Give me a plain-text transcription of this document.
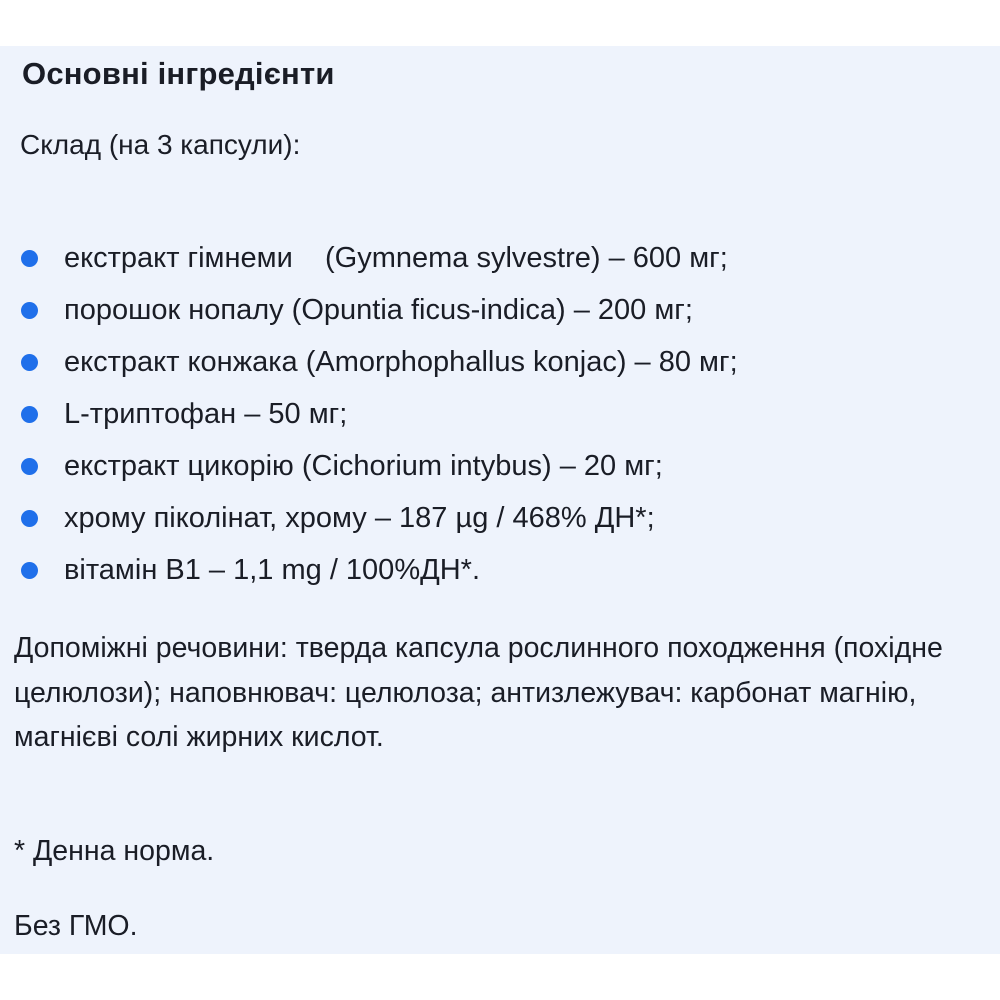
Основні інгредієнти

Склад (на 3 капсули):

екстракт гімнеми    (Gymnema sylvestre) – 600 мг;
порошок нопалу (Opuntia ficus-indica) – 200 мг;
екстракт конжака (Amorphophallus konjac) – 80 мг;
L-триптофан – 50 мг;
екстракт цикорію (Cichorium intybus) – 20 мг;
хрому піколінат, хрому – 187 µg / 468% ДН*;
вітамін В1 – 1,1 mg / 100%ДН*.

Допоміжні речовини: тверда капсула рослинного походження (похідне целюлози); наповнювач: целюлоза; антизлежувач: карбонат магнію, магнієві солі жирних кислот.

* Денна норма.

Без ГМО.
